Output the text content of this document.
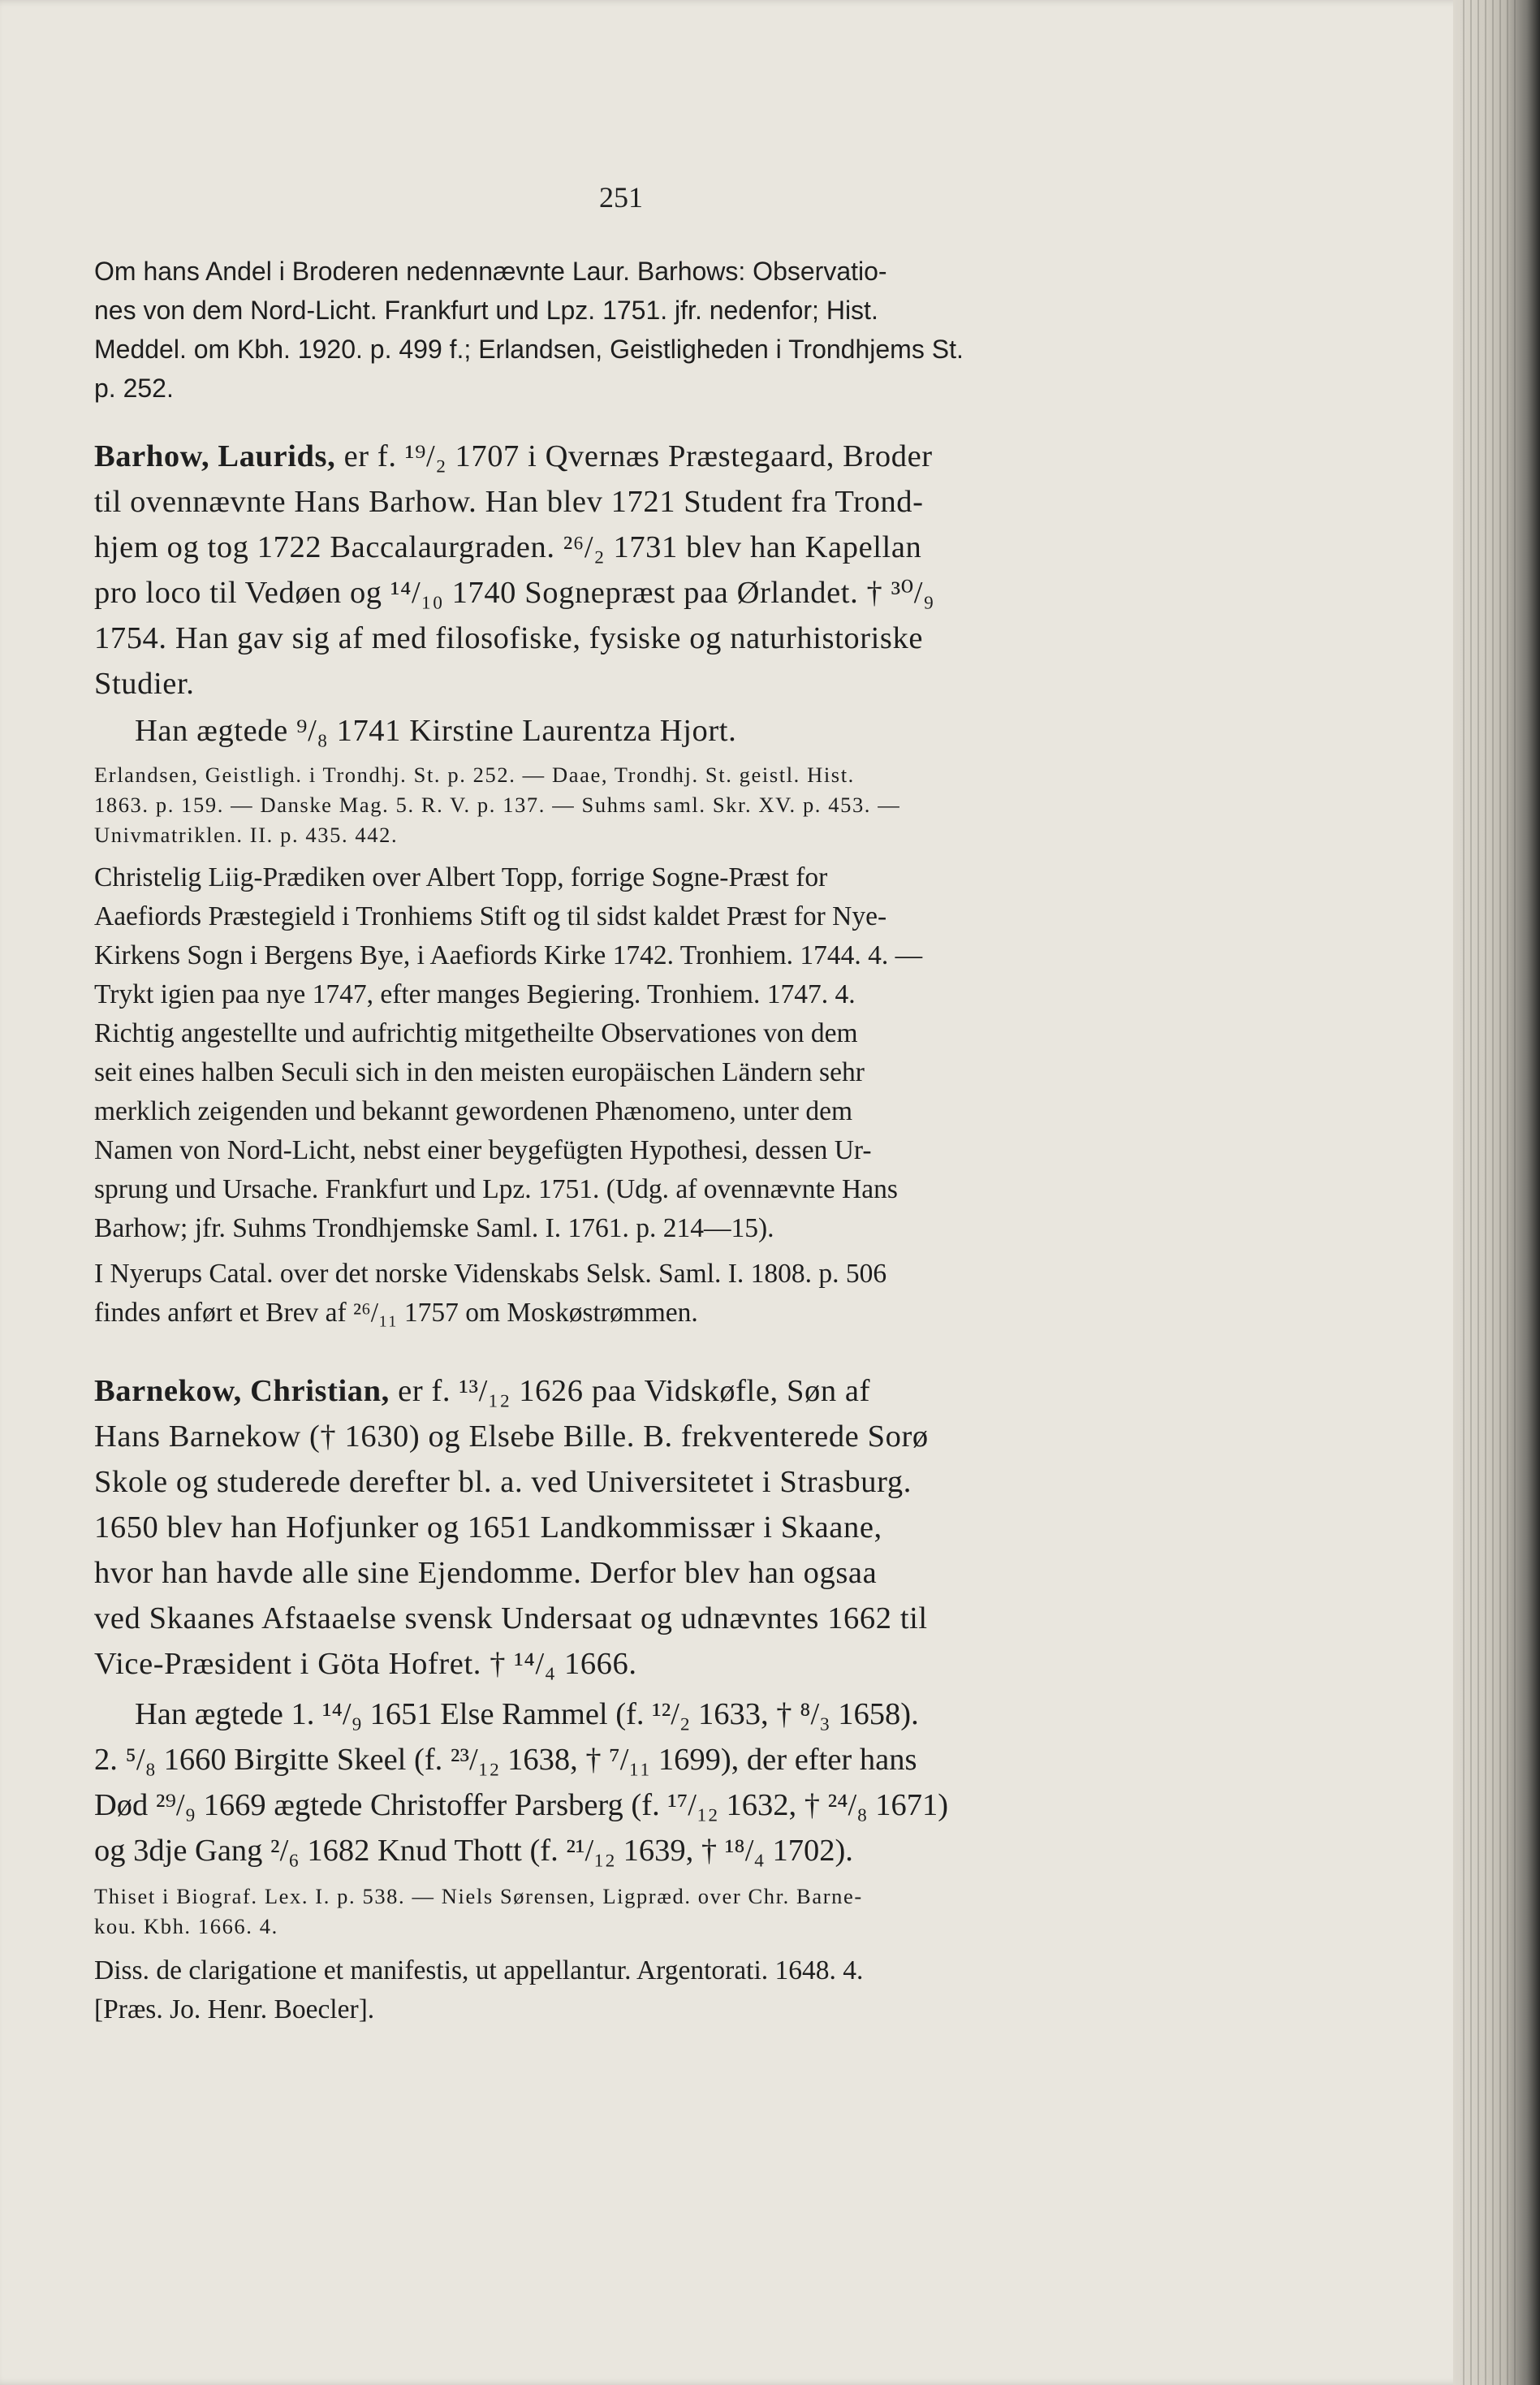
251
Om hans Andel i Broderen nedennævnte Laur. Barhows: Observatio-
nes von dem Nord-Licht. Frankfurt und Lpz. 1751. jfr. nedenfor; Hist.
Meddel. om Kbh. 1920. p. 499 f.; Erlandsen, Geistligheden i Trondhjems St.
p. 252.
Barhow, Laurids, er f. ¹⁹/₂ 1707 i Qvernæs Præstegaard, Broder
til ovennævnte Hans Barhow. Han blev 1721 Student fra Trond-
hjem og tog 1722 Baccalaurgraden. ²⁶/₂ 1731 blev han Kapellan
pro loco til Vedøen og ¹⁴/₁₀ 1740 Sognepræst paa Ørlandet. † ³⁰/₉
1754. Han gav sig af med filosofiske, fysiske og naturhistoriske
Studier.
Han ægtede ⁹/₈ 1741 Kirstine Laurentza Hjort.
Erlandsen, Geistligh. i Trondhj. St. p. 252. — Daae, Trondhj. St. geistl. Hist.
1863. p. 159. — Danske Mag. 5. R. V. p. 137. — Suhms saml. Skr. XV. p. 453. —
Univmatriklen. II. p. 435. 442.
Christelig Liig-Prædiken over Albert Topp, forrige Sogne-Præst for
Aaefiords Præstegield i Tronhiems Stift og til sidst kaldet Præst for Nye-
Kirkens Sogn i Bergens Bye, i Aaefiords Kirke 1742. Tronhiem. 1744. 4. —
Trykt igien paa nye 1747, efter manges Begiering. Tronhiem. 1747. 4.
Richtig angestellte und aufrichtig mitgetheilte Observationes von dem
seit eines halben Seculi sich in den meisten europäischen Ländern sehr
merklich zeigenden und bekannt gewordenen Phænomeno, unter dem
Namen von Nord-Licht, nebst einer beygefügten Hypothesi, dessen Ur-
sprung und Ursache. Frankfurt und Lpz. 1751. (Udg. af ovennævnte Hans
Barhow; jfr. Suhms Trondhjemske Saml. I. 1761. p. 214—15).
I Nyerups Catal. over det norske Videnskabs Selsk. Saml. I. 1808. p. 506
findes anført et Brev af ²⁶/₁₁ 1757 om Moskøstrømmen.
Barnekow, Christian, er f. ¹³/₁₂ 1626 paa Vidskøfle, Søn af
Hans Barnekow († 1630) og Elsebe Bille. B. frekventerede Sorø
Skole og studerede derefter bl. a. ved Universitetet i Strasburg.
1650 blev han Hofjunker og 1651 Landkommissær i Skaane,
hvor han havde alle sine Ejendomme. Derfor blev han ogsaa
ved Skaanes Afstaaelse svensk Undersaat og udnævntes 1662 til
Vice-Præsident i Göta Hofret. † ¹⁴/₄ 1666.
Han ægtede 1. ¹⁴/₉ 1651 Else Rammel (f. ¹²/₂ 1633, † ⁸/₃ 1658).
2. ⁵/₈ 1660 Birgitte Skeel (f. ²³/₁₂ 1638, † ⁷/₁₁ 1699), der efter hans
Død ²⁹/₉ 1669 ægtede Christoffer Parsberg (f. ¹⁷/₁₂ 1632, † ²⁴/₈ 1671)
og 3dje Gang ²/₆ 1682 Knud Thott (f. ²¹/₁₂ 1639, † ¹⁸/₄ 1702).
Thiset i Biograf. Lex. I. p. 538. — Niels Sørensen, Ligpræd. over Chr. Barne-
kou. Kbh. 1666. 4.
Diss. de clarigatione et manifestis, ut appellantur. Argentorati. 1648. 4.
[Præs. Jo. Henr. Boecler].
